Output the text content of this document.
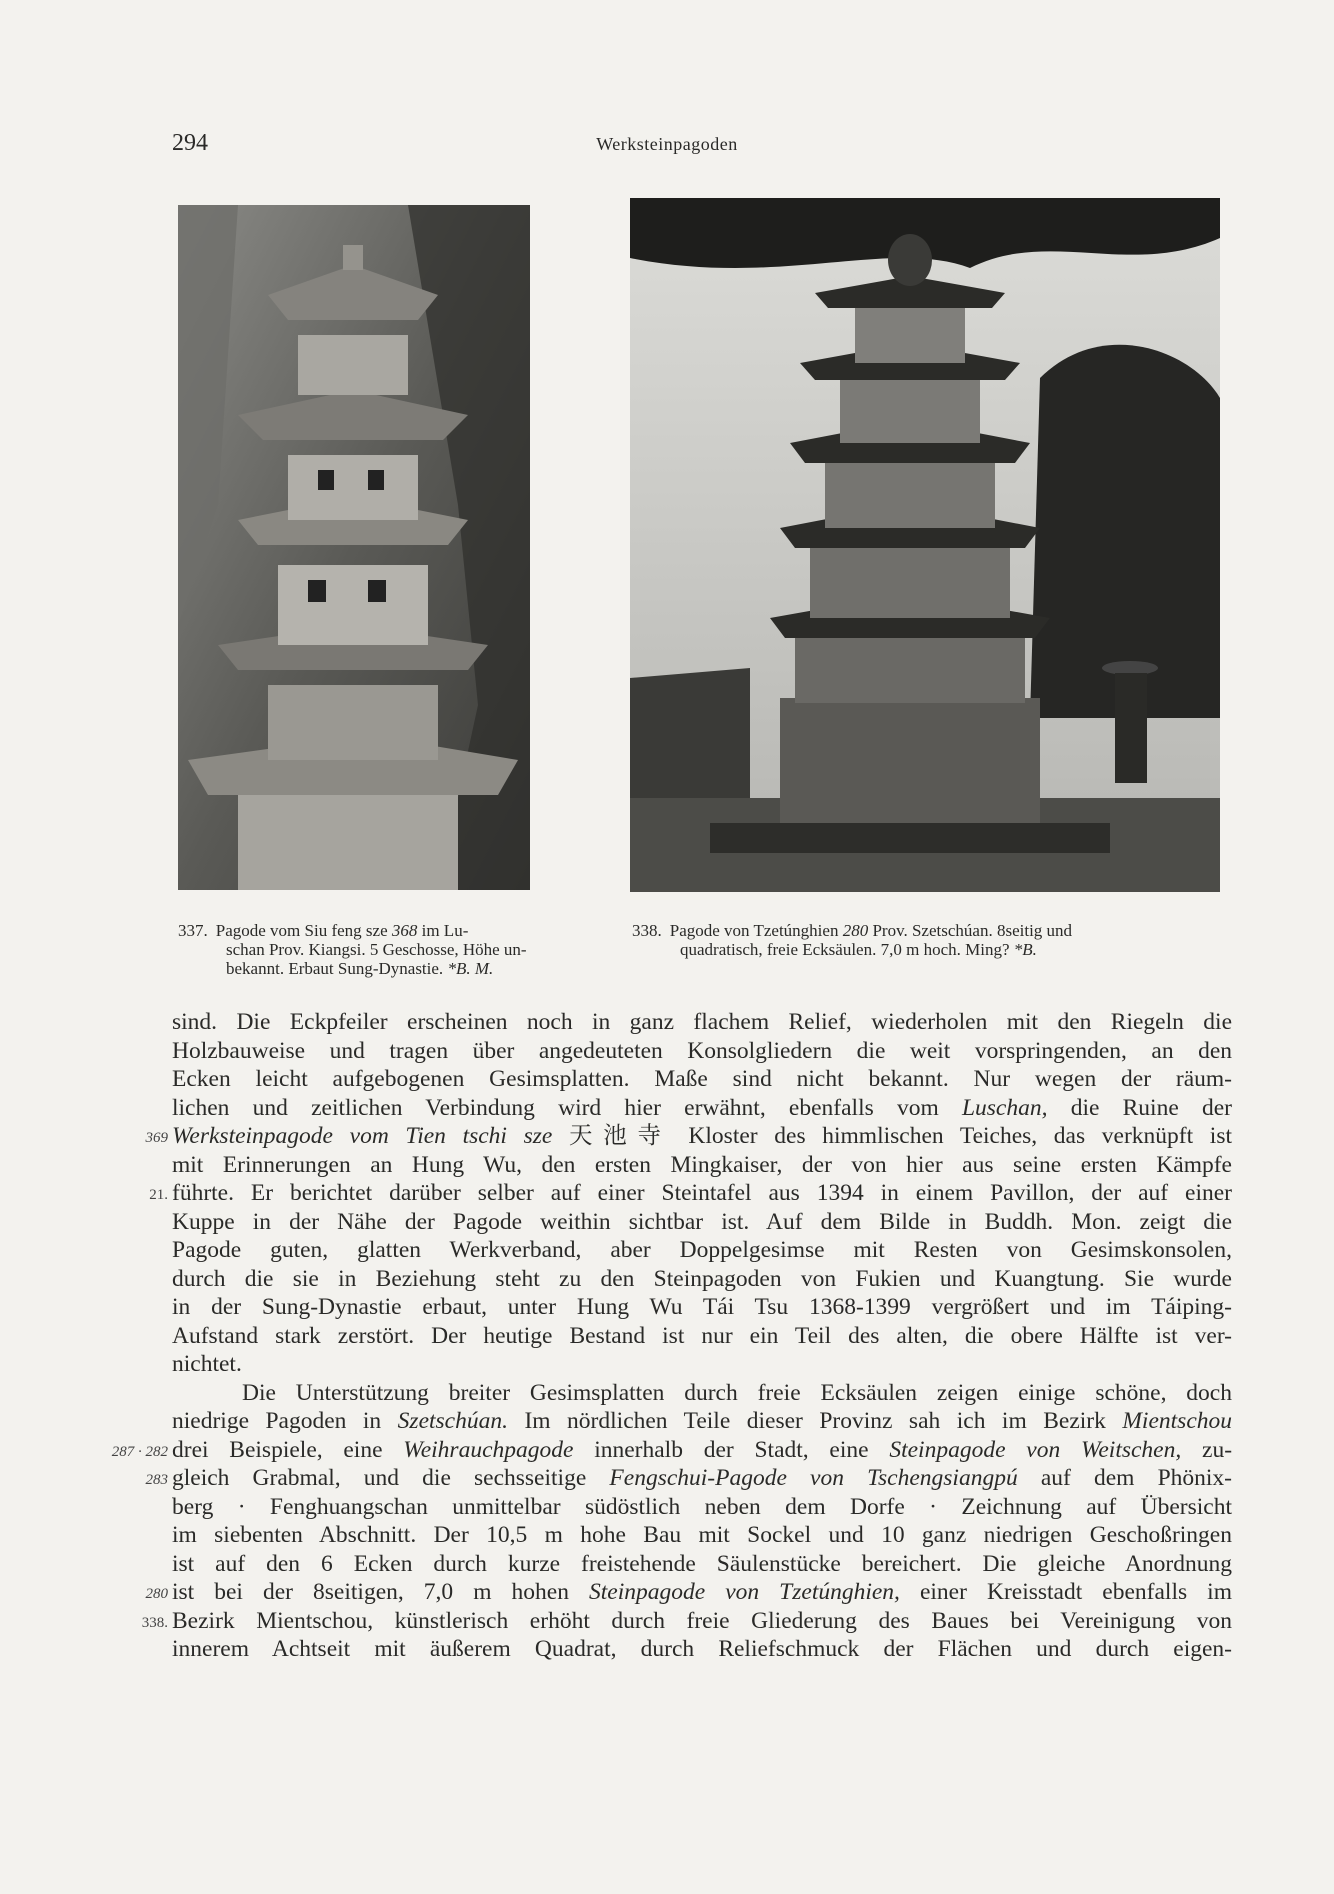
294	Werksteinpagoden
337. Pagode vom Siu feng sze 368 im Lu-
schan Prov. Kiangsi. 5 Geschosse, Höhe un-
bekannt. Erbaut Sung-Dynastie. *B. M.
338. Pagode von Tzetúnghien 280 Prov. Szetschúan. 8seitig und
quadratisch, freie Ecksäulen. 7,0 m hoch. Ming? *B.
sind. Die Eckpfeiler erscheinen noch in ganz flachem Relief, wiederholen mit den Riegeln die
Holzbauweise und tragen über angedeuteten Konsolgliedern die weit vorspringenden, an den
Ecken leicht aufgebogenen Gesimsplatten. Maße sind nicht bekannt. Nur wegen der räum-
lichen und zeitlichen Verbindung wird hier erwähnt, ebenfalls vom Luschan, die Ruine der
Werksteinpagode vom Tien tschi sze 天池寺 Kloster des himmlischen Teiches, das verknüpft ist
mit Erinnerungen an Hung Wu, den ersten Mingkaiser, der von hier aus seine ersten Kämpfe
führte. Er berichtet darüber selber auf einer Steintafel aus 1394 in einem Pavillon, der auf einer
Kuppe in der Nähe der Pagode weithin sichtbar ist. Auf dem Bilde in Buddh. Mon. zeigt die
Pagode guten, glatten Werkverband, aber Doppelgesimse mit Resten von Gesimskonsolen,
durch die sie in Beziehung steht zu den Steinpagoden von Fukien und Kuangtung. Sie wurde
in der Sung-Dynastie erbaut, unter Hung Wu Tái Tsu 1368-1399 vergrößert und im Táiping-
Aufstand stark zerstört. Der heutige Bestand ist nur ein Teil des alten, die obere Hälfte ist ver-
nichtet.
Die Unterstützung breiter Gesimsplatten durch freie Ecksäulen zeigen einige schöne, doch
niedrige Pagoden in Szetschúan. Im nördlichen Teile dieser Provinz sah ich im Bezirk Mientschou
drei Beispiele, eine Weihrauchpagode innerhalb der Stadt, eine Steinpagode von Weitschen, zu-
gleich Grabmal, und die sechsseitige Fengschui-Pagode von Tschengsiangpú auf dem Phönix-
berg · Fenghuangschan unmittelbar südöstlich neben dem Dorfe · Zeichnung auf Übersicht
im siebenten Abschnitt. Der 10,5 m hohe Bau mit Sockel und 10 ganz niedrigen Geschoßringen
ist auf den 6 Ecken durch kurze freistehende Säulenstücke bereichert. Die gleiche Anordnung
ist bei der 8seitigen, 7,0 m hohen Steinpagode von Tzetúnghien, einer Kreisstadt ebenfalls im
Bezirk Mientschou, künstlerisch erhöht durch freie Gliederung des Baues bei Vereinigung von
innerem Achtseit mit äußerem Quadrat, durch Reliefschmuck der Flächen und durch eigen-
369
21.
287 · 282
283
280
338.
